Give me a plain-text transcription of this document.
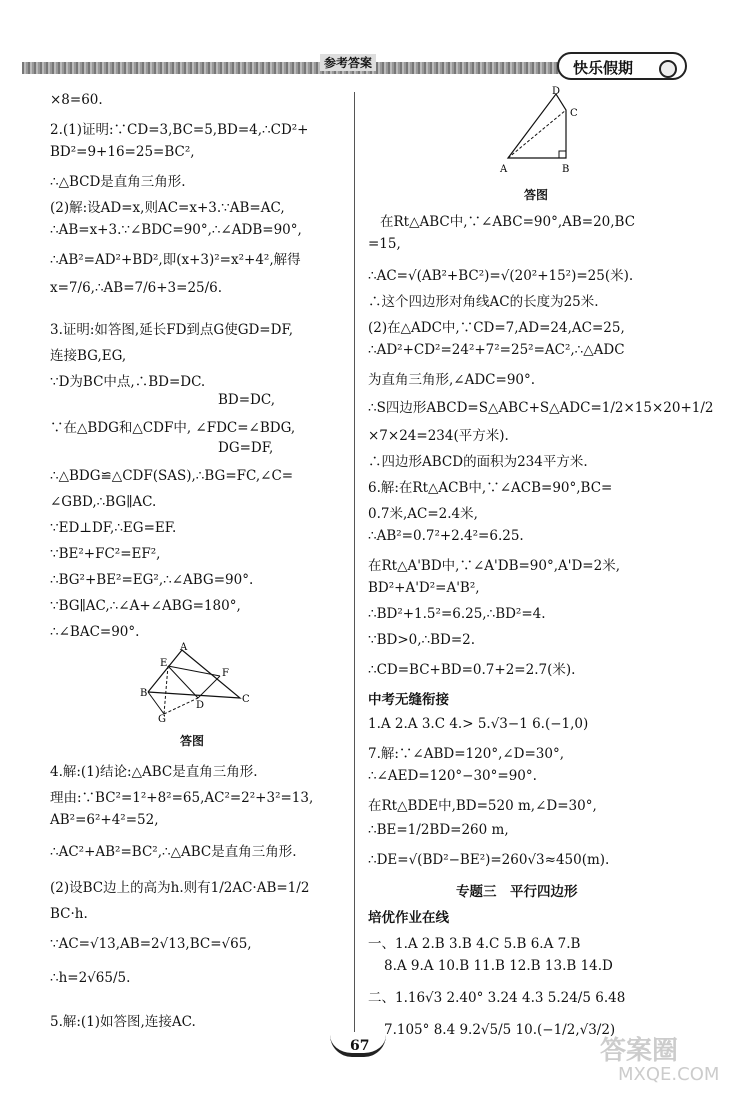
参考答案	快乐假期
×8=60.
2.(1)证明:∵CD=3,BC=5,BD=4,∴CD²+
BD²=9+16=25=BC²,
∴△BCD是直角三角形.
(2)解:设AD=x,则AC=x+3.∵AB=AC,
∴AB=x+3.∵∠BDC=90°,∴∠ADB=90°,
∴AB²=AD²+BD²,即(x+3)²=x²+4²,解得
x=7/6,∴AB=7/6+3=25/6.
3.证明:如答图,延长FD到点G使GD=DF,
连接BG,EG,
∵D为BC中点,∴BD=DC.
BD=DC,
∵在△BDG和△CDF中, ∠FDC=∠BDG,
DG=DF,
∴△BDG≌△CDF(SAS),∴BG=FC,∠C=
∠GBD,∴BG∥AC.
∵ED⊥DF,∴EG=EF.
∵BE²+FC²=EF²,
∴BG²+BE²=EG²,∴∠ABG=90°.
∵BG∥AC,∴∠A+∠ABG=180°,
∴∠BAC=90°.
A
E
F
B
D
C
G
答图
4.解:(1)结论:△ABC是直角三角形.
理由:∵BC²=1²+8²=65,AC²=2²+3²=13,
AB²=6²+4²=52,
∴AC²+AB²=BC²,∴△ABC是直角三角形.
(2)设BC边上的高为h.则有1/2AC·AB=1/2
BC·h.
∵AC=√13,AB=2√13,BC=√65,
∴h=2√65/5.
5.解:(1)如答图,连接AC.
D
C
A	B
答图
在Rt△ABC中,∵∠ABC=90°,AB=20,BC
=15,
∴AC=√(AB²+BC²)=√(20²+15²)=25(米).
∴这个四边形对角线AC的长度为25米.
(2)在△ADC中,∵CD=7,AD=24,AC=25,
∴AD²+CD²=24²+7²=25²=AC²,∴△ADC
为直角三角形,∠ADC=90°.
∴S四边形ABCD=S△ABC+S△ADC=1/2×15×20+1/2
×7×24=234(平方米).
∴四边形ABCD的面积为234平方米.
6.解:在Rt△ACB中,∵∠ACB=90°,BC=
0.7米,AC=2.4米,
∴AB²=0.7²+2.4²=6.25.
在Rt△A'BD中,∵∠A'DB=90°,A'D=2米,
BD²+A'D²=A'B²,
∴BD²+1.5²=6.25,∴BD²=4.
∵BD>0,∴BD=2.
∴CD=BC+BD=0.7+2=2.7(米).
中考无缝衔接
1.A 2.A 3.C 4.> 5.√3−1 6.(−1,0)
7.解:∵∠ABD=120°,∠D=30°,
∴∠AED=120°−30°=90°.
在Rt△BDE中,BD=520 m,∠D=30°,
∴BE=1/2BD=260 m,
∴DE=√(BD²−BE²)=260√3≈450(m).
专题三　平行四边形
培优作业在线
一、1.A 2.B 3.B 4.C 5.B 6.A 7.B
8.A 9.A 10.B 11.B 12.B 13.B 14.D
二、1.16√3 2.40° 3.24 4.3 5.24/5 6.48
7.105° 8.4 9.2√5/5 10.(−1/2,√3/2)
67	答案圈
MXQE.COM
